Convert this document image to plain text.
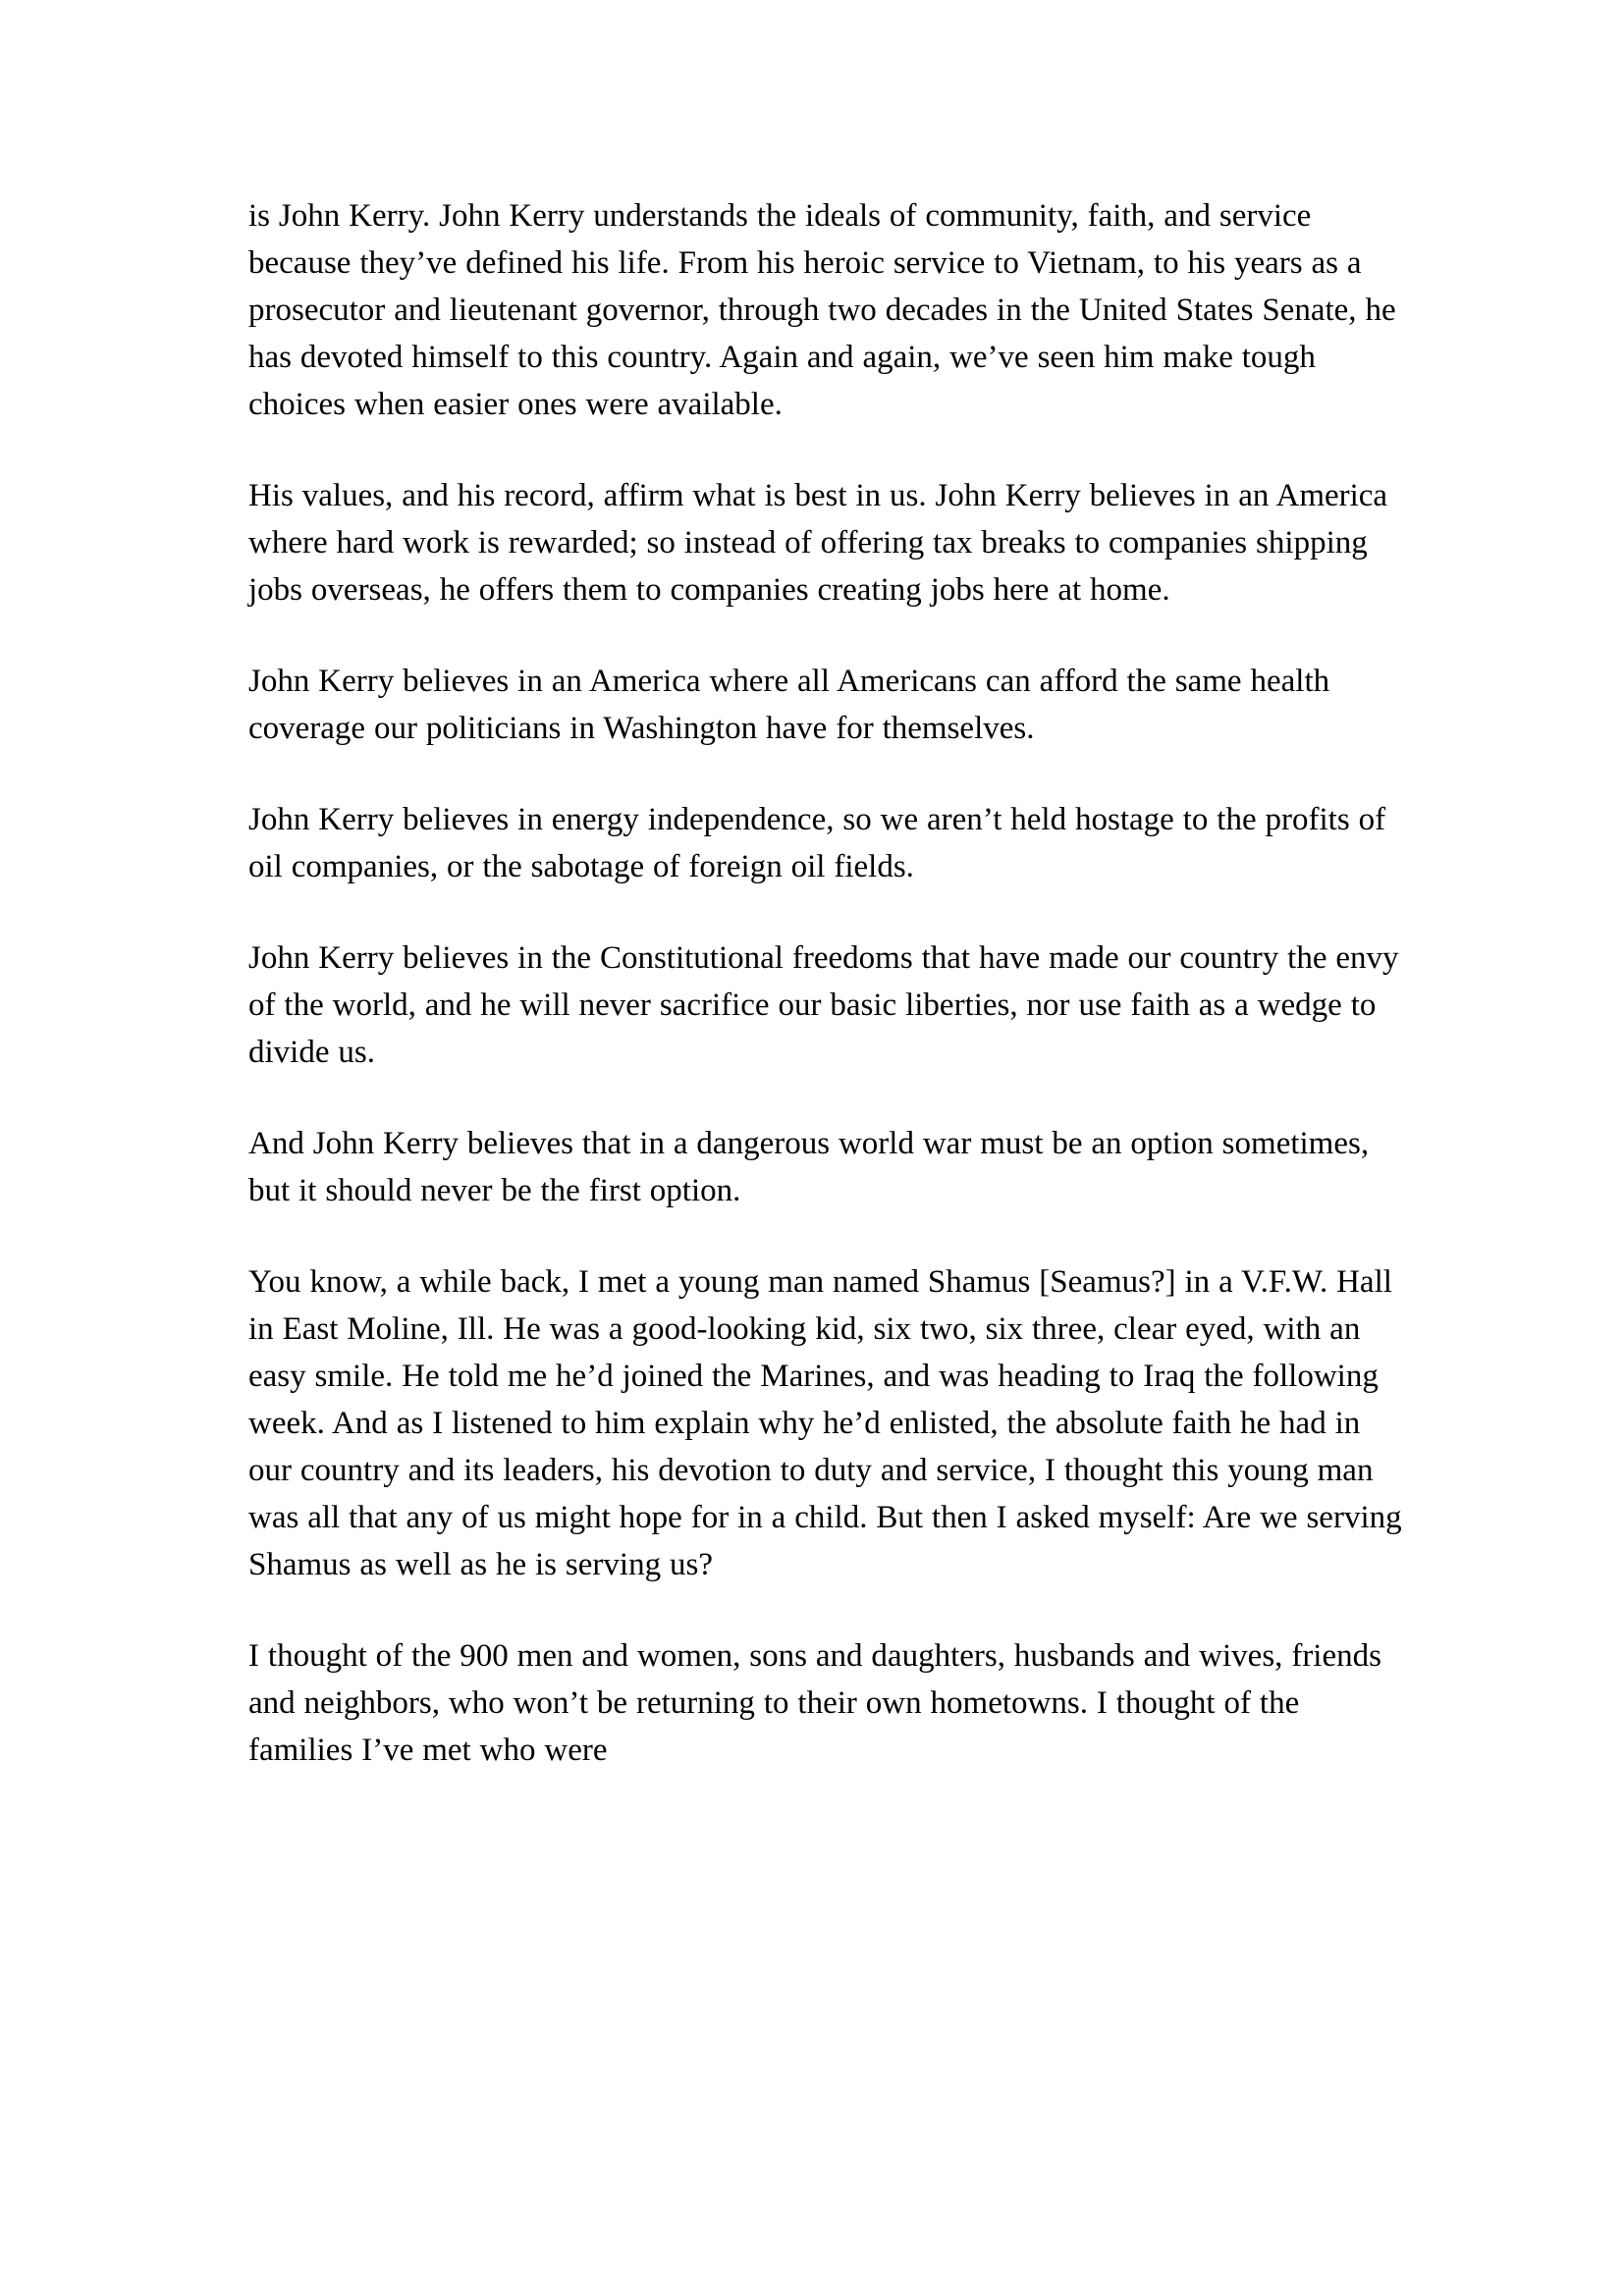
is John Kerry. John Kerry understands the ideals of community, faith, and service because they’ve defined his life. From his heroic service to Vietnam, to his years as a prosecutor and lieutenant governor, through two decades in the United States Senate, he has devoted himself to this country. Again and again, we’ve seen him make tough choices when easier ones were available.

His values, and his record, affirm what is best in us. John Kerry believes in an America where hard work is rewarded; so instead of offering tax breaks to companies shipping jobs overseas, he offers them to companies creating jobs here at home.

John Kerry believes in an America where all Americans can afford the same health coverage our politicians in Washington have for themselves.

John Kerry believes in energy independence, so we aren’t held hostage to the profits of oil companies, or the sabotage of foreign oil fields.

John Kerry believes in the Constitutional freedoms that have made our country the envy of the world, and he will never sacrifice our basic liberties, nor use faith as a wedge to divide us.

And John Kerry believes that in a dangerous world war must be an option sometimes, but it should never be the first option.

You know, a while back, I met a young man named Shamus [Seamus?] in a V.F.W. Hall in East Moline, Ill. He was a good-looking kid, six two, six three, clear eyed, with an easy smile. He told me he’d joined the Marines, and was heading to Iraq the following week. And as I listened to him explain why he’d enlisted, the absolute faith he had in our country and its leaders, his devotion to duty and service, I thought this young man was all that any of us might hope for in a child. But then I asked myself: Are we serving Shamus as well as he is serving us?

I thought of the 900 men and women, sons and daughters, husbands and wives, friends and neighbors, who won’t be returning to their own hometowns. I thought of the families I’ve met who were
